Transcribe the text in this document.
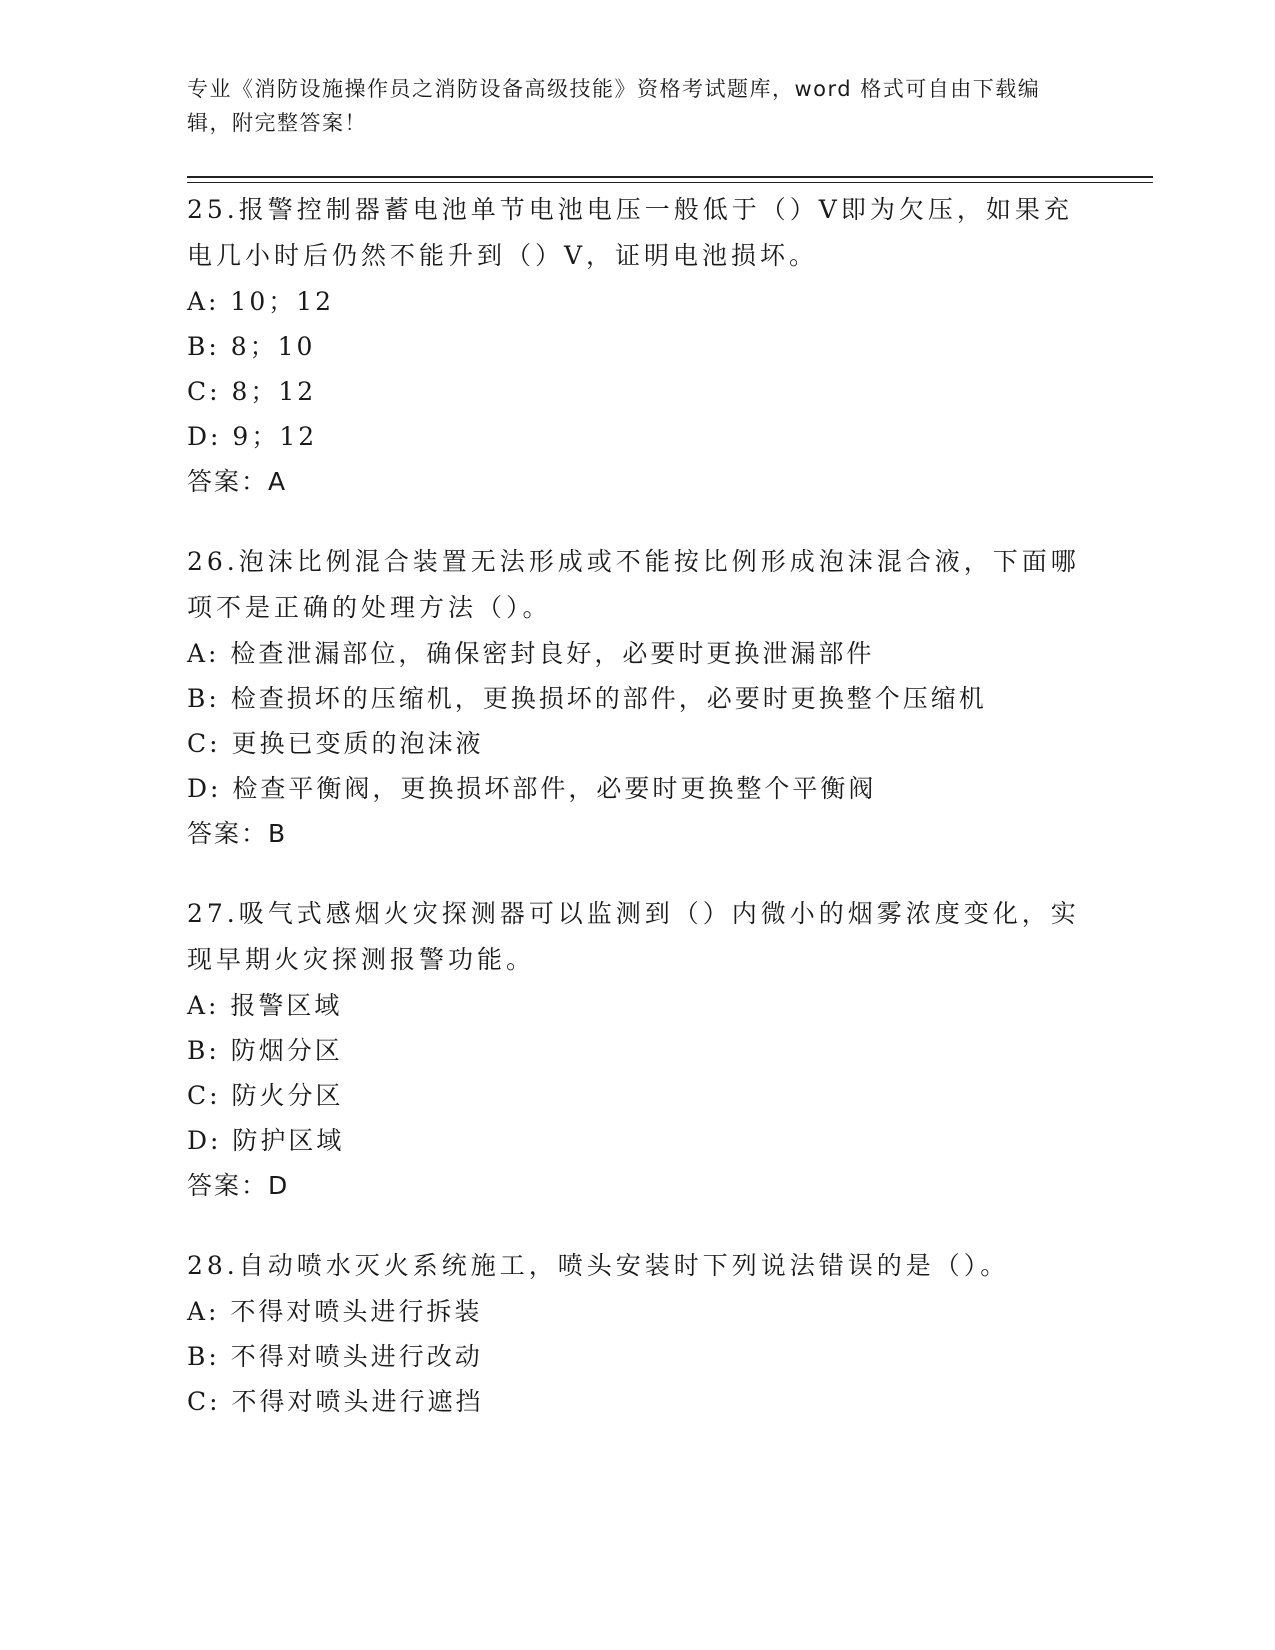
专业《消防设施操作员之消防设备高级技能》资格考试题库，word 格式可自由下载编辑，附完整答案！

25.报警控制器蓄电池单节电池电压一般低于（）V即为欠压，如果充电几小时后仍然不能升到（）V，证明电池损坏。

A: 10；12

B: 8；10

C: 8；12

D: 9；12

答案：A

26.泡沫比例混合装置无法形成或不能按比例形成泡沫混合液，下面哪项不是正确的处理方法（）。

A: 检查泄漏部位，确保密封良好，必要时更换泄漏部件

B: 检查损坏的压缩机，更换损坏的部件，必要时更换整个压缩机

C: 更换已变质的泡沫液

D: 检查平衡阀，更换损坏部件，必要时更换整个平衡阀

答案：B

27.吸气式感烟火灾探测器可以监测到（）内微小的烟雾浓度变化，实现早期火灾探测报警功能。

A: 报警区域

B: 防烟分区

C: 防火分区

D: 防护区域

答案：D

28.自动喷水灭火系统施工，喷头安装时下列说法错误的是（）。

A: 不得对喷头进行拆装

B: 不得对喷头进行改动

C: 不得对喷头进行遮挡
